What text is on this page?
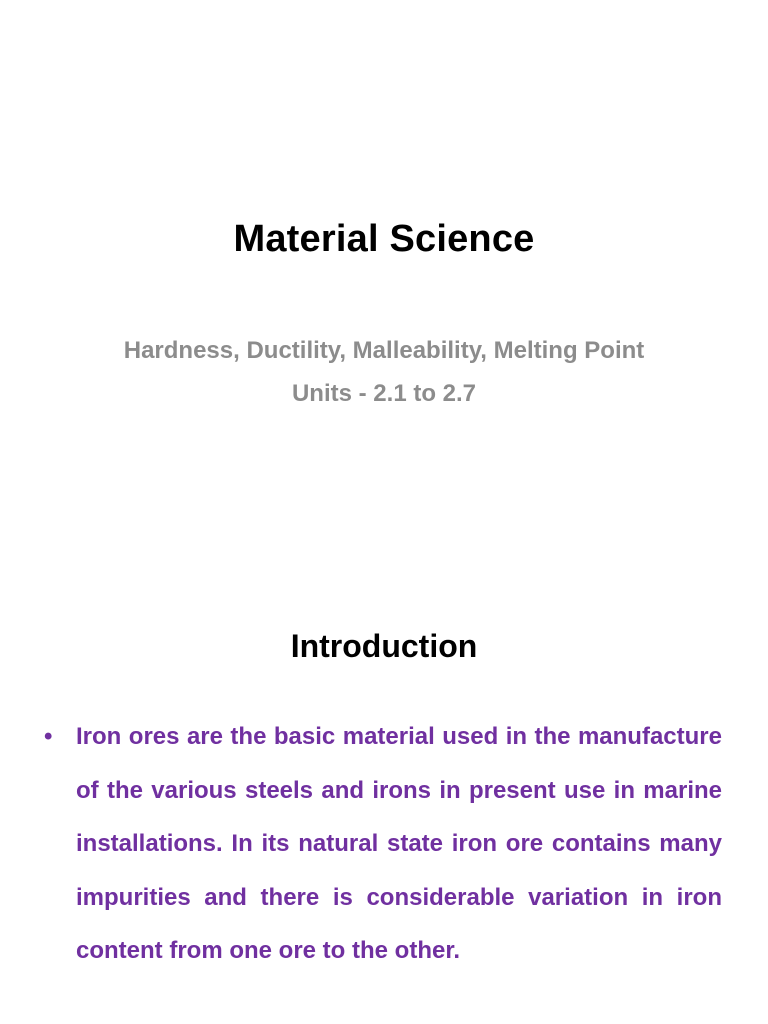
Material Science
Hardness, Ductility, Malleability, Melting Point
Units - 2.1 to 2.7
Introduction
• Iron ores are the basic material used in the manufacture of the various steels and irons in present use in marine installations. In its natural state iron ore contains many impurities and there is considerable variation in iron content from one ore to the other.
